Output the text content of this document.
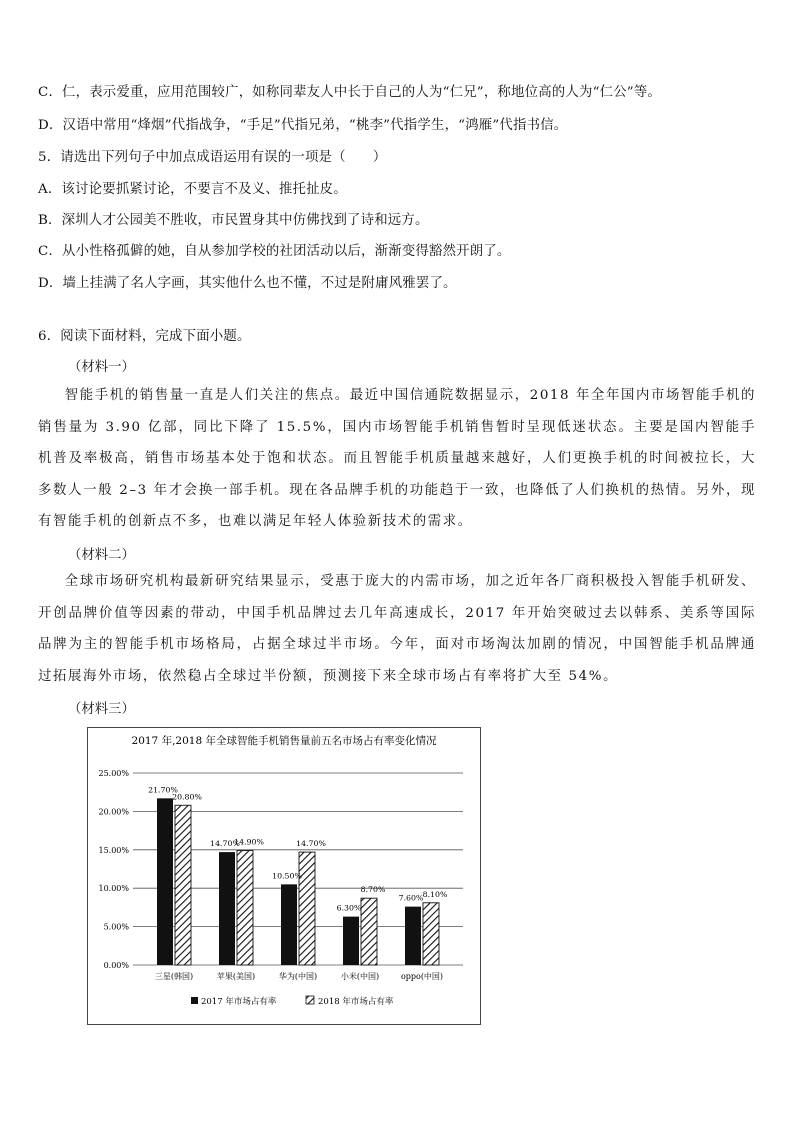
C．仁，表示爱重，应用范围较广，如称同辈友人中长于自己的人为“仁兄”，称地位高的人为“仁公”等。
D．汉语中常用“烽烟”代指战争，“手足”代指兄弟，“桃李”代指学生，“鸿雁”代指书信。
5．请选出下列句子中加点成语运用有误的一项是（　　）
A．该讨论要抓紧讨论，不要言不及义、推托扯皮。
B．深圳人才公园美不胜收，市民置身其中仿佛找到了诗和远方。
C．从小性格孤僻的她，自从参加学校的社团活动以后，渐渐变得豁然开朗了。
D．墙上挂满了名人字画，其实他什么也不懂，不过是附庸风雅罢了。
6．阅读下面材料，完成下面小题。
（材料一）
智能手机的销售量一直是人们关注的焦点。最近中国信通院数据显示，2018 年全年国内市场智能手机的销售量为 3.90 亿部，同比下降了 15.5%，国内市场智能手机销售暂时呈现低迷状态。主要是国内智能手机普及率极高，销售市场基本处于饱和状态。而且智能手机质量越来越好，人们更换手机的时间被拉长，大多数人一般 2–3 年才会换一部手机。现在各品牌手机的功能趋于一致，也降低了人们换机的热情。另外，现有智能手机的创新点不多，也难以满足年轻人体验新技术的需求。
（材料二）
全球市场研究机构最新研究结果显示，受惠于庞大的内需市场，加之近年各厂商积极投入智能手机研发、开创品牌价值等因素的带动，中国手机品牌过去几年高速成长，2017 年开始突破过去以韩系、美系等国际品牌为主的智能手机市场格局，占据全球过半市场。今年，面对市场淘汰加剧的情况，中国智能手机品牌通过拓展海外市场，依然稳占全球过半份额，预测接下来全球市场占有率将扩大至 54%。
（材料三）
2017 年,2018 年全球智能手机销售量前五名市场占有率变化情况
0.00%
5.00%
10.00%
15.00%
20.00%
25.00%
21.70%
20.80%
三星(韩国)
14.70%
14.90%
苹果(美国)
10.50%
14.70%
华为(中国)
6.30%
8.70%
小米(中国)
7.60% 8.10%
oppo(中国)
2017 年市场占有率	2018 年市场占有率
